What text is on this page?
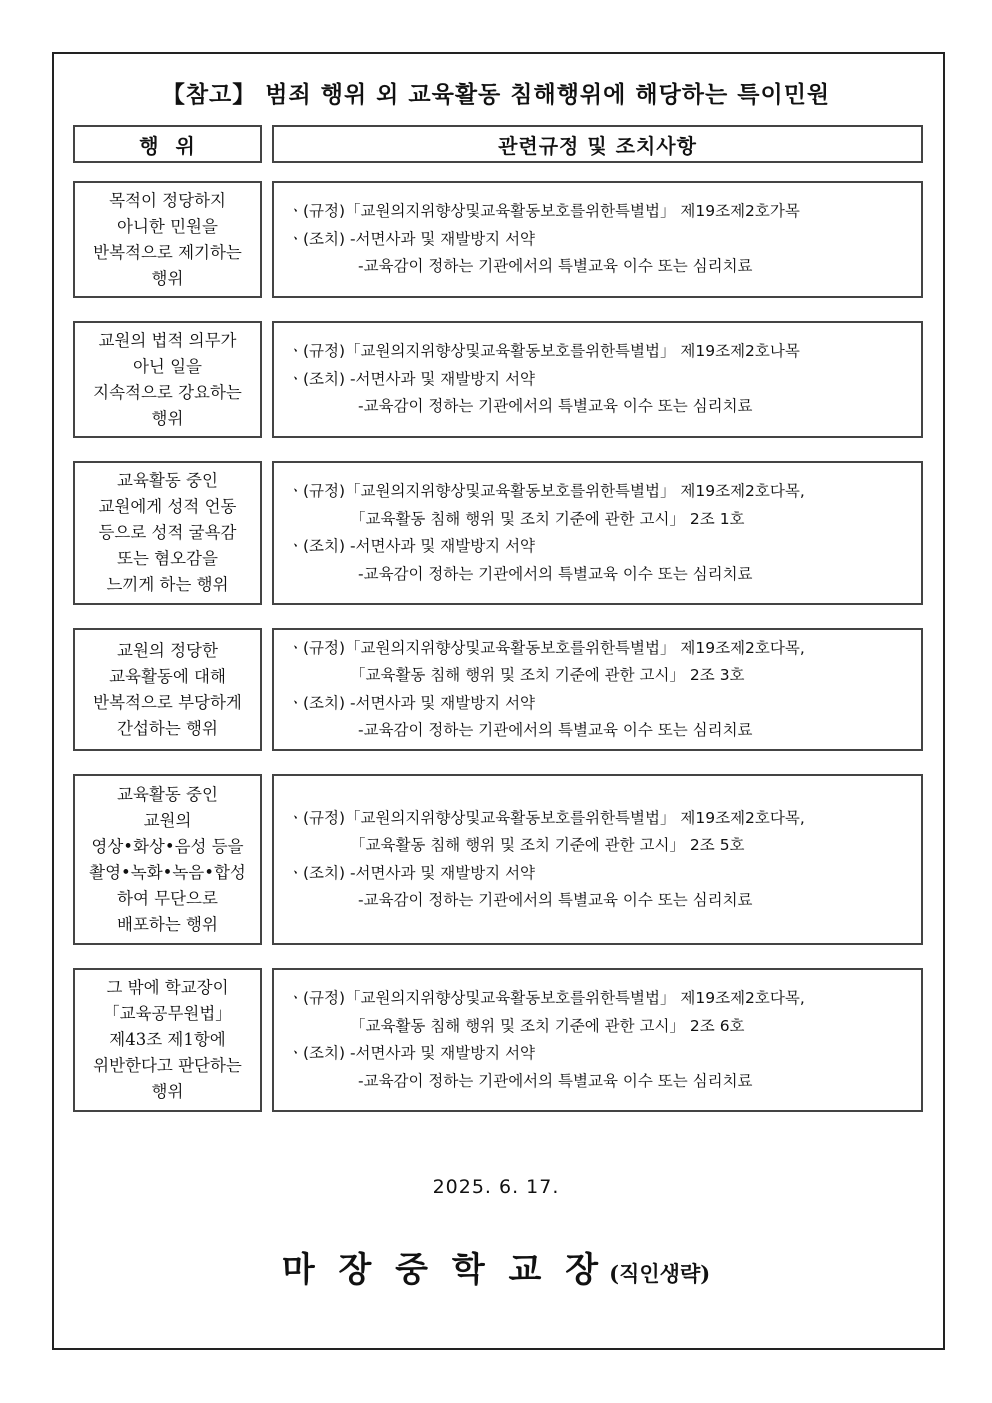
【참고】 범죄 행위 외 교육활동 침해행위에 해당하는 특이민원
행  위	관련규정 및 조치사항
목적이 정당하지
아니한 민원을
반복적으로 제기하는
행위
ㆍ(규정)「교원의지위향상및교육활동보호를위한특별법」 제19조제2호가목
ㆍ(조치) -서면사과 및 재발방지 서약
-교육감이 정하는 기관에서의 특별교육 이수 또는 심리치료
교원의 법적 의무가
아닌 일을
지속적으로 강요하는
행위
ㆍ(규정)「교원의지위향상및교육활동보호를위한특별법」 제19조제2호나목
ㆍ(조치) -서면사과 및 재발방지 서약
-교육감이 정하는 기관에서의 특별교육 이수 또는 심리치료
교육활동 중인
교원에게 성적 언동
등으로 성적 굴욕감
또는 혐오감을
느끼게 하는 행위
ㆍ(규정)「교원의지위향상및교육활동보호를위한특별법」 제19조제2호다목,
「교육활동 침해 행위 및 조치 기준에 관한 고시」 2조 1호
ㆍ(조치) -서면사과 및 재발방지 서약
-교육감이 정하는 기관에서의 특별교육 이수 또는 심리치료
교원의 정당한
교육활동에 대해
반복적으로 부당하게
간섭하는 행위
ㆍ(규정)「교원의지위향상및교육활동보호를위한특별법」 제19조제2호다목,
「교육활동 침해 행위 및 조치 기준에 관한 고시」 2조 3호
ㆍ(조치) -서면사과 및 재발방지 서약
-교육감이 정하는 기관에서의 특별교육 이수 또는 심리치료
교육활동 중인
교원의
영상•화상•음성 등을
촬영•녹화•녹음•합성
하여 무단으로
배포하는 행위
ㆍ(규정)「교원의지위향상및교육활동보호를위한특별법」 제19조제2호다목,
「교육활동 침해 행위 및 조치 기준에 관한 고시」 2조 5호
ㆍ(조치) -서면사과 및 재발방지 서약
-교육감이 정하는 기관에서의 특별교육 이수 또는 심리치료
그 밖에 학교장이
「교육공무원법」
제43조 제1항에
위반한다고 판단하는
행위
ㆍ(규정)「교원의지위향상및교육활동보호를위한특별법」 제19조제2호다목,
「교육활동 침해 행위 및 조치 기준에 관한 고시」 2조 6호
ㆍ(조치) -서면사과 및 재발방지 서약
-교육감이 정하는 기관에서의 특별교육 이수 또는 심리치료
2025. 6. 17.
마 장 중 학 교 장 (직인생략)
